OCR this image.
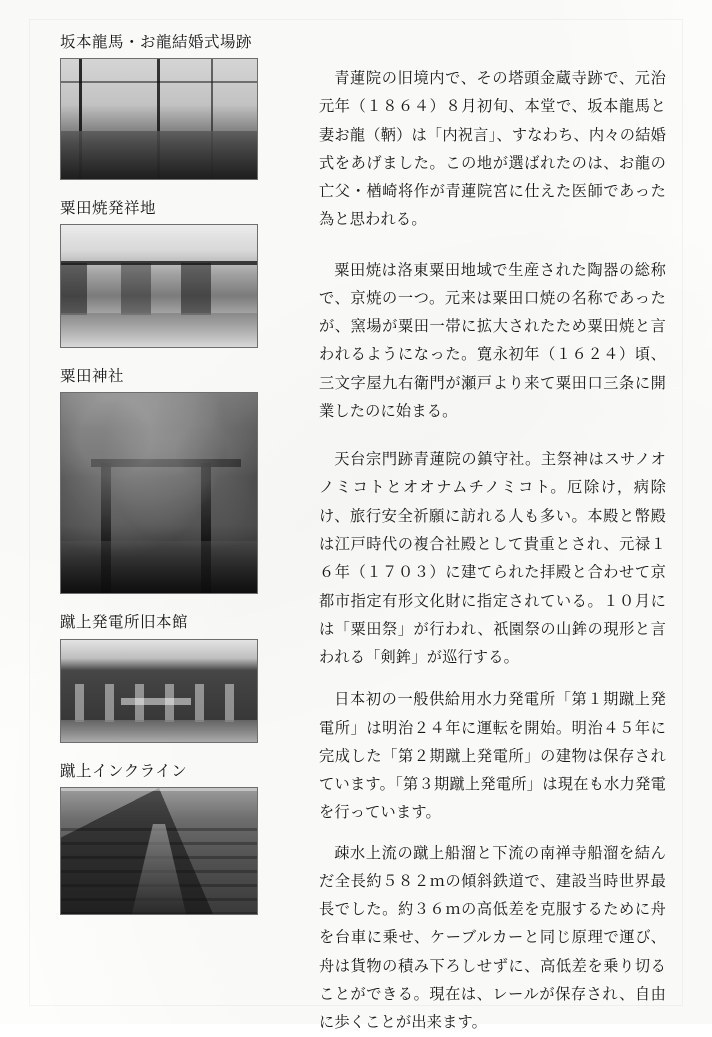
坂本龍馬・お龍結婚式場跡
粟田焼発祥地
粟田神社
蹴上発電所旧本館
蹴上インクライン

青蓮院の旧境内で、その塔頭金蔵寺跡で、元治元年（１８６４）８月初旬、本堂で、坂本龍馬と妻お龍（鞆）は「内祝言」、すなわち、内々の結婚式をあげました。この地が選ばれたのは、お龍の亡父・楢崎将作が青蓮院宮に仕えた医師であった為と思われる。

粟田焼は洛東粟田地域で生産された陶器の総称で、京焼の一つ。元来は粟田口焼の名称であったが、窯場が粟田一帯に拡大されたため粟田焼と言われるようになった。寛永初年（１６２４）頃、三文字屋九右衛門が瀬戸より来て粟田口三条に開業したのに始まる。

天台宗門跡青蓮院の鎮守社。主祭神はスサノオノミコトとオオナムチノミコト。厄除け，病除け、旅行安全祈願に訪れる人も多い。本殿と幣殿は江戸時代の複合社殿として貴重とされ、元禄１６年（１７０３）に建てられた拝殿と合わせて京都市指定有形文化財に指定されている。１０月には「粟田祭」が行われ、祇園祭の山鉾の現形と言われる「剣鉾」が巡行する。

日本初の一般供給用水力発電所「第１期蹴上発電所」は明治２４年に運転を開始。明治４５年に完成した「第２期蹴上発電所」の建物は保存されています。「第３期蹴上発電所」は現在も水力発電を行っています。

疎水上流の蹴上船溜と下流の南禅寺船溜を結んだ全長約５８２ｍの傾斜鉄道で、建設当時世界最長でした。約３６ｍの高低差を克服するために舟を台車に乗せ、ケーブルカーと同じ原理で運び、舟は貨物の積み下ろしせずに、高低差を乗り切ることができる。現在は、レールが保存され、自由に歩くことが出来ます。
